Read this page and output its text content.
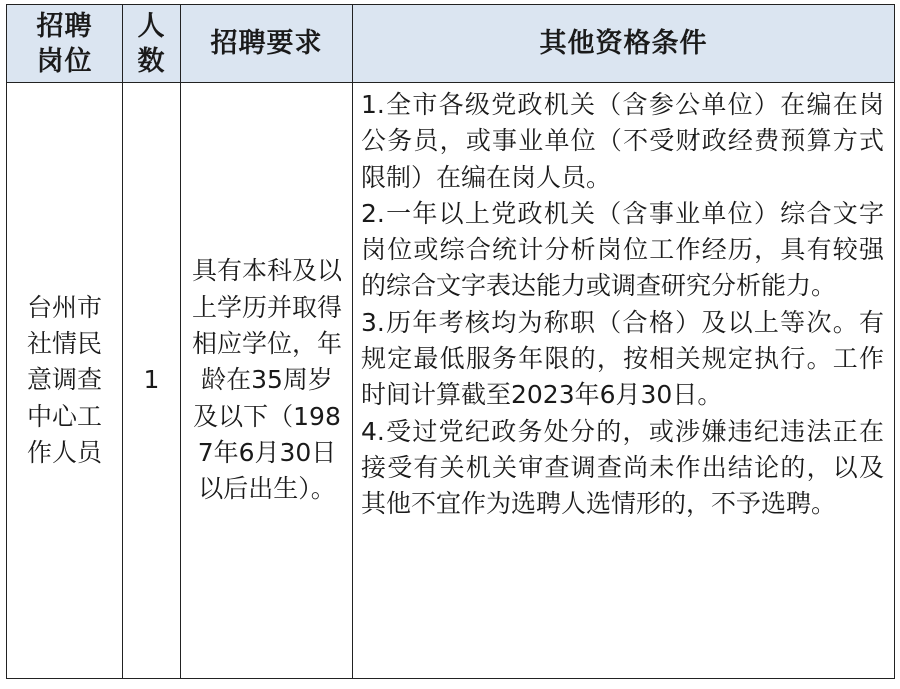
招聘岗位	人数	招聘要求	其他资格条件

台州市社情民意调查中心工作人员	1	具有本科及以上学历并取得相应学位，年龄在35周岁及以下（1987年6月30日以后出生）。	1.全市各级党政机关（含参公单位）在编在岗公务员，或事业单位（不受财政经费预算方式限制）在编在岗人员。
2.一年以上党政机关（含事业单位）综合文字岗位或综合统计分析岗位工作经历，具有较强的综合文字表达能力或调查研究分析能力。
3.历年考核均为称职（合格）及以上等次。有规定最低服务年限的，按相关规定执行。工作时间计算截至2023年6月30日。
4.受过党纪政务处分的，或涉嫌违纪违法正在接受有关机关审查调查尚未作出结论的，以及其他不宜作为选聘人选情形的，不予选聘。
